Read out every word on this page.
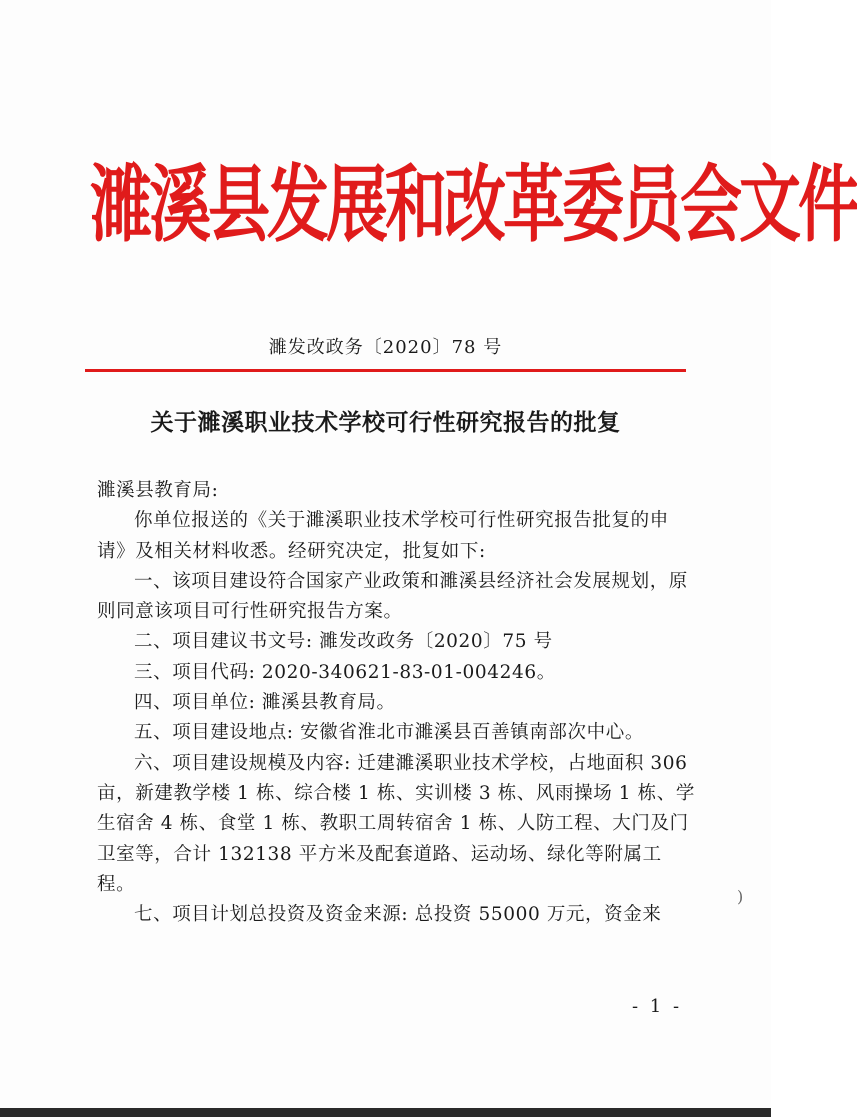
濉溪县发展和改革委员会文件
濉发改政务〔2020〕78 号
关于濉溪职业技术学校可行性研究报告的批复

濉溪县教育局:

你单位报送的《关于濉溪职业技术学校可行性研究报告批复的申请》及相关材料收悉。经研究决定，批复如下:

一、该项目建设符合国家产业政策和濉溪县经济社会发展规划，原则同意该项目可行性研究报告方案。

二、项目建议书文号: 濉发改政务〔2020〕75 号

三、项目代码: 2020-340621-83-01-004246。

四、项目单位: 濉溪县教育局。

五、项目建设地点: 安徽省淮北市濉溪县百善镇南部次中心。

六、项目建设规模及内容: 迁建濉溪职业技术学校，占地面积 306 亩，新建教学楼 1 栋、综合楼 1 栋、实训楼 3 栋、风雨操场 1 栋、学生宿舍 4 栋、食堂 1 栋、教职工周转宿舍 1 栋、人防工程、大门及门卫室等，合计 132138 平方米及配套道路、运动场、绿化等附属工程。

七、项目计划总投资及资金来源: 总投资 55000 万元，资金来

)
- 1 -
